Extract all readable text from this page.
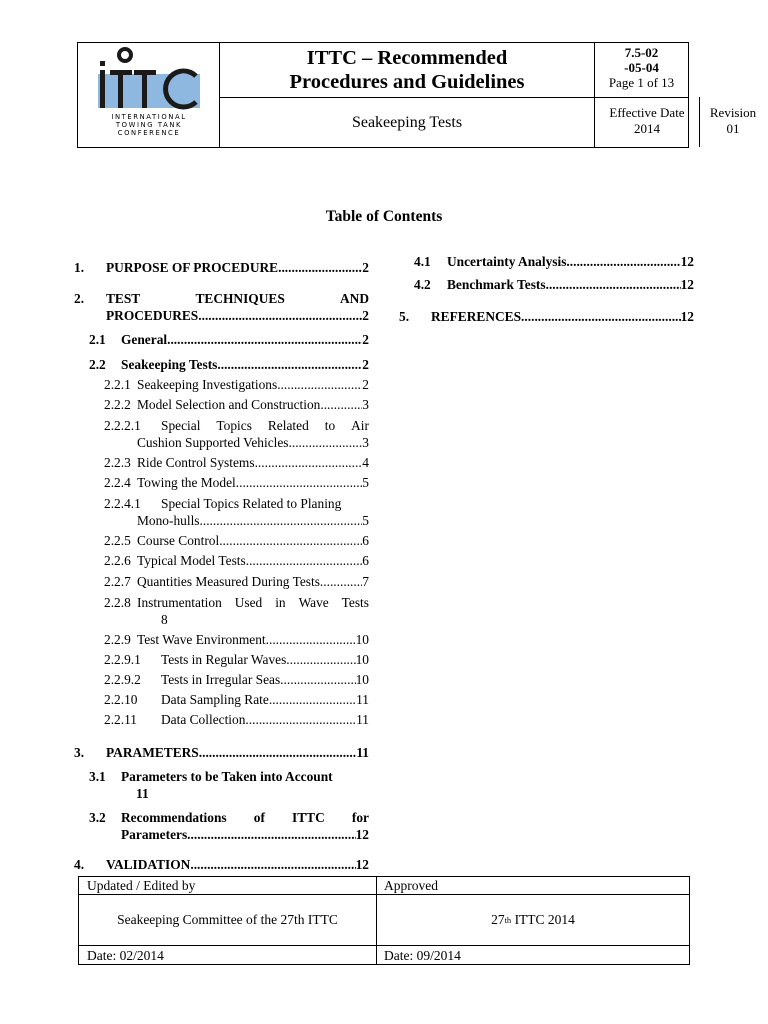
INTERNATIONAL
TOWING TANK
CONFERENCE
ITTC – Recommended
Procedures and Guidelines
Seakeeping Tests
7.5-02
-05-04
Page 1 of 13
Effective Date
2014
Revision
01
Table of Contents
1.	PURPOSE OF PROCEDURE .....	2
2.	TEST	TECHNIQUES	AND
PROCEDURES .....	2
2.1	General .....	2
2.2	Seakeeping Tests .....	2
2.2.1 Seakeeping Investigations .....	2
2.2.2 Model Selection and Construction .....	3
2.2.2.1	Special Topics Related to Air
Cushion Supported Vehicles .....	3
2.2.3 Ride Control Systems .....	4
2.2.4 Towing the Model .....	5
2.2.4.1	Special Topics Related to Planing
Mono-hulls .....	5
2.2.5 Course Control .....	6
2.2.6 Typical Model Tests .....	6
2.2.7 Quantities Measured During Tests .....	7
2.2.8 Instrumentation Used in Wave Tests
8
2.2.9 Test Wave Environment .....	10
2.2.9.1	Tests in Regular Waves .....	10
2.2.9.2	Tests in Irregular Seas .....	10
2.2.10	Data Sampling Rate .....	11
2.2.11	Data Collection .....	11
3.	PARAMETERS .....	11
3.1	Parameters to be Taken into Account
11
3.2	Recommendations of ITTC for
Parameters .....	12
4.	VALIDATION .....	12
4.1	Uncertainty Analysis .....	12
4.2	Benchmark Tests .....	12
5.	REFERENCES .....	12
Updated / Edited by	Approved
Seakeeping Committee of the 27th ITTC	27 th ITTC 2014
Date: 02/2014	Date: 09/2014
